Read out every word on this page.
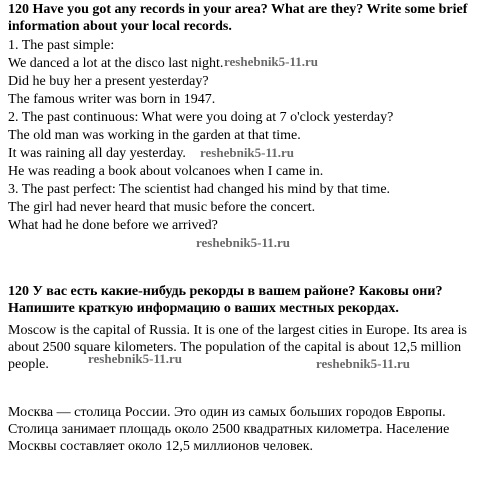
120 Have you got any records in your area? What are they? Write some brief information about your local records.

1. The past simple:

We danced a lot at the disco last night.

Did he buy her a present yesterday?

The famous writer was born in 1947.

2. The past continuous: What were you doing at 7 o'clock yesterday?

The old man was working in the garden at that time.

It was raining all day yesterday.

He was reading a book about volcanoes when I came in.

3. The past perfect: The scientist had changed his mind by that time.

The girl had never heard that music before the concert.

What had he done before we arrived?

120 У вас есть какие-нибудь рекорды в вашем районе? Каковы они? Напишите краткую информацию о ваших местных рекордах.

Moscow is the capital of Russia. It is one of the largest cities in Europe. Its area is about 2500 square kilometers. The population of the capital is about 12,5 million people.

Москва — столица России. Это один из самых больших городов Европы. Столица занимает площадь около 2500 квадратных километра. Население Москвы составляет около 12,5 миллионов человек.

reshebnik5-11.ru
reshebnik5-11.ru
reshebnik5-11.ru
reshebnik5-11.ru	reshebnik5-11.ru
